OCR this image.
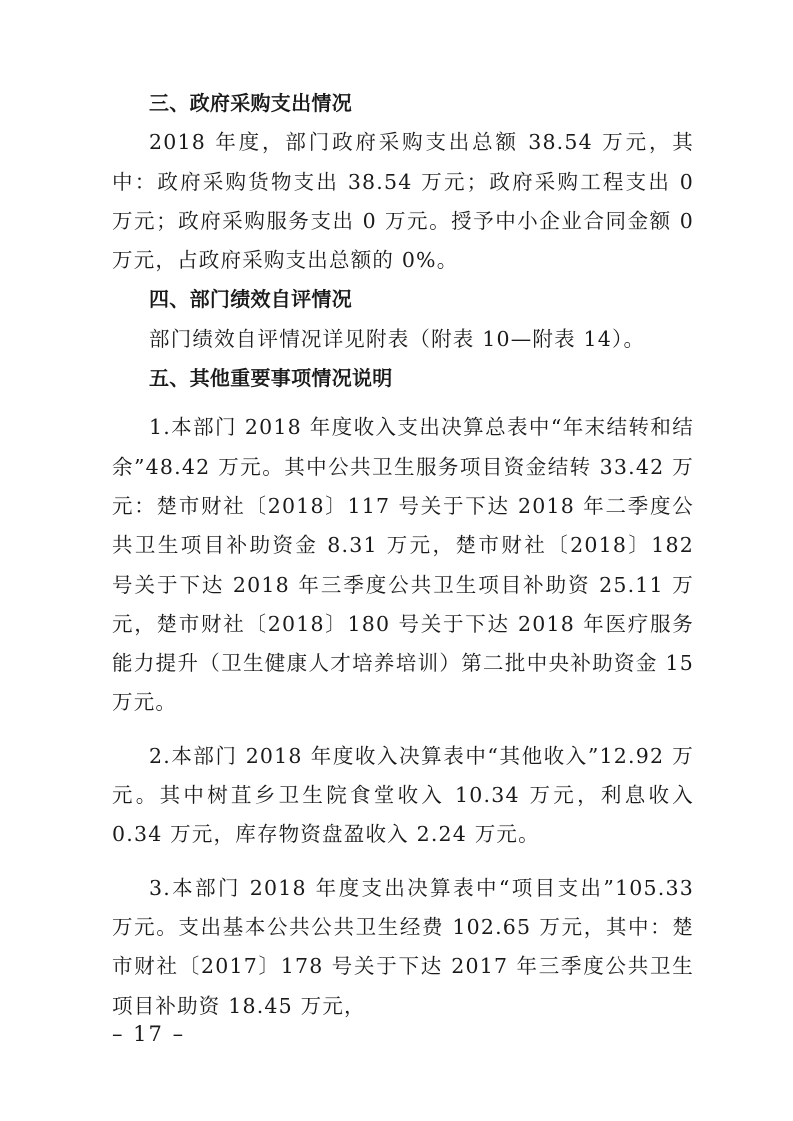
三、政府采购支出情况

2018 年度，部门政府采购支出总额 38.54 万元，其中：政府采购货物支出 38.54 万元；政府采购工程支出 0 万元；政府采购服务支出 0 万元。授予中小企业合同金额 0 万元，占政府采购支出总额的 0%。

四、部门绩效自评情况

部门绩效自评情况详见附表（附表 10—附表 14）。

五、其他重要事项情况说明

1.本部门 2018 年度收入支出决算总表中“年末结转和结余”48.42 万元。其中公共卫生服务项目资金结转 33.42 万元：楚市财社〔2018〕117 号关于下达 2018 年二季度公共卫生项目补助资金 8.31 万元，楚市财社〔2018〕182 号关于下达 2018 年三季度公共卫生项目补助资 25.11 万元，楚市财社〔2018〕180 号关于下达 2018 年医疗服务能力提升（卫生健康人才培养培训）第二批中央补助资金 15 万元。

2.本部门 2018 年度收入决算表中“其他收入”12.92 万元。其中树苴乡卫生院食堂收入 10.34 万元，利息收入 0.34 万元，库存物资盘盈收入 2.24 万元。

3.本部门 2018 年度支出决算表中“项目支出”105.33 万元。支出基本公共公共卫生经费 102.65 万元，其中：楚市财社〔2017〕178 号关于下达 2017 年三季度公共卫生项目补助资 18.45 万元，

– 17 –
